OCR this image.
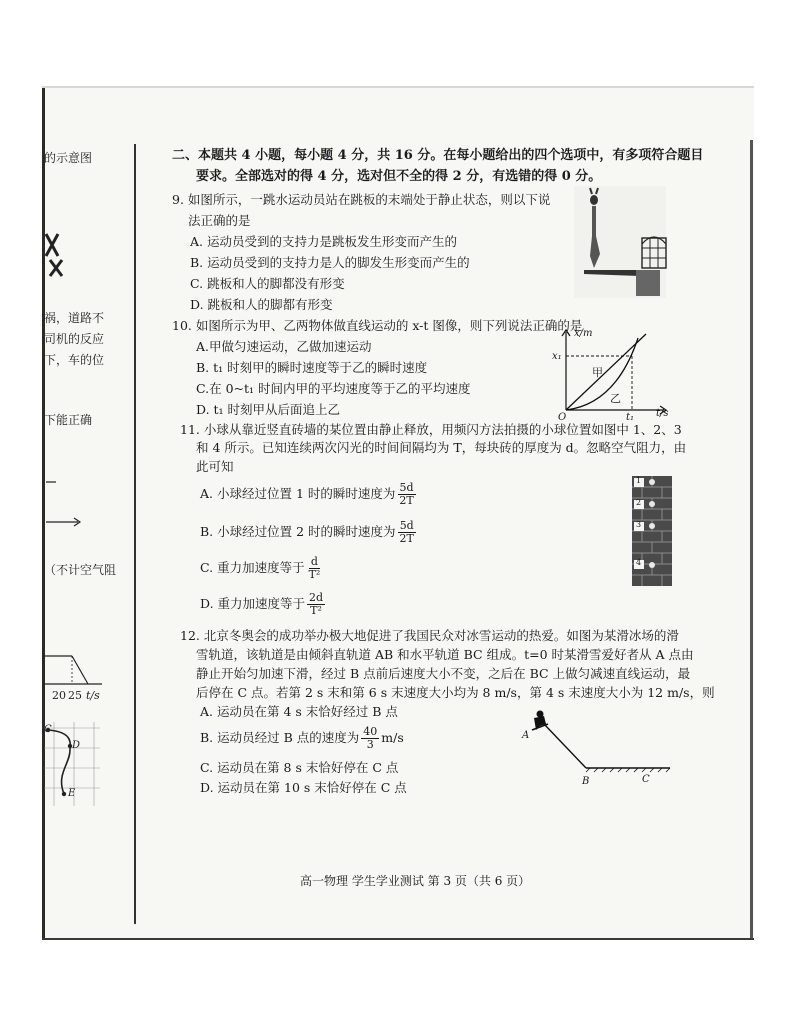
的示意图
祸，道路不
司机的反应
下，车的位
下能正确
（不计空气阻
20 25 t/s
C
D
E
二、本题共 4 小题，每小题 4 分，共 16 分。在每小题给出的四个选项中，有多项符合题目
要求。全部选对的得 4 分，选对但不全的得 2 分，有选错的得 0 分。
9. 如图所示，一跳水运动员站在跳板的末端处于静止状态，则以下说
法正确的是
A. 运动员受到的支持力是跳板发生形变而产生的
B. 运动员受到的支持力是人的脚发生形变而产生的
C. 跳板和人的脚都没有形变
D. 跳板和人的脚都有形变
10. 如图所示为甲、乙两物体做直线运动的 x-t 图像，则下列说法正确的是
A.甲做匀速运动，乙做加速运动
B. t₁ 时刻甲的瞬时速度等于乙的瞬时速度
C.在 0~t₁ 时间内甲的平均速度等于乙的平均速度
D. t₁ 时刻甲从后面追上乙
x/m
x₁
甲
乙
O	t₁ t/s
11. 小球从靠近竖直砖墙的某位置由静止释放，用频闪方法拍摄的小球位置如图中 1、2、3
和 4 所示。已知连续两次闪光的时间间隔均为 T，每块砖的厚度为 d。忽略空气阻力，由
此可知
A. 小球经过位置 1 时的瞬时速度为 $\frac{5d}{2T}$
B. 小球经过位置 2 时的瞬时速度为 $\frac{5d}{2T}$
C. 重力加速度等于 $\frac{d}{\text{T²}}$
D. 重力加速度等于 $\frac{2d}{\text{T²}}$
1
2
3
4
12. 北京冬奥会的成功举办极大地促进了我国民众对冰雪运动的热爱。如图为某滑冰场的滑
雪轨道，该轨道是由倾斜直轨道 AB 和水平轨道 BC 组成。t=0 时某滑雪爱好者从 A 点由
静止开始匀加速下滑，经过 B 点前后速度大小不变，之后在 BC 上做匀减速直线运动，最
后停在 C 点。若第 2 s 末和第 6 s 末速度大小均为 8 m/s，第 4 s 末速度大小为 12 m/s，则
A. 运动员在第 4 s 末恰好经过 B 点
B. 运动员经过 B 点的速度为 $\frac{40}{3} m/s$
C. 运动员在第 8 s 末恰好停在 C 点
D. 运动员在第 10 s 末恰好停在 C 点
A
B	C
高一物理 学生学业测试 第 3 页（共 6 页）
